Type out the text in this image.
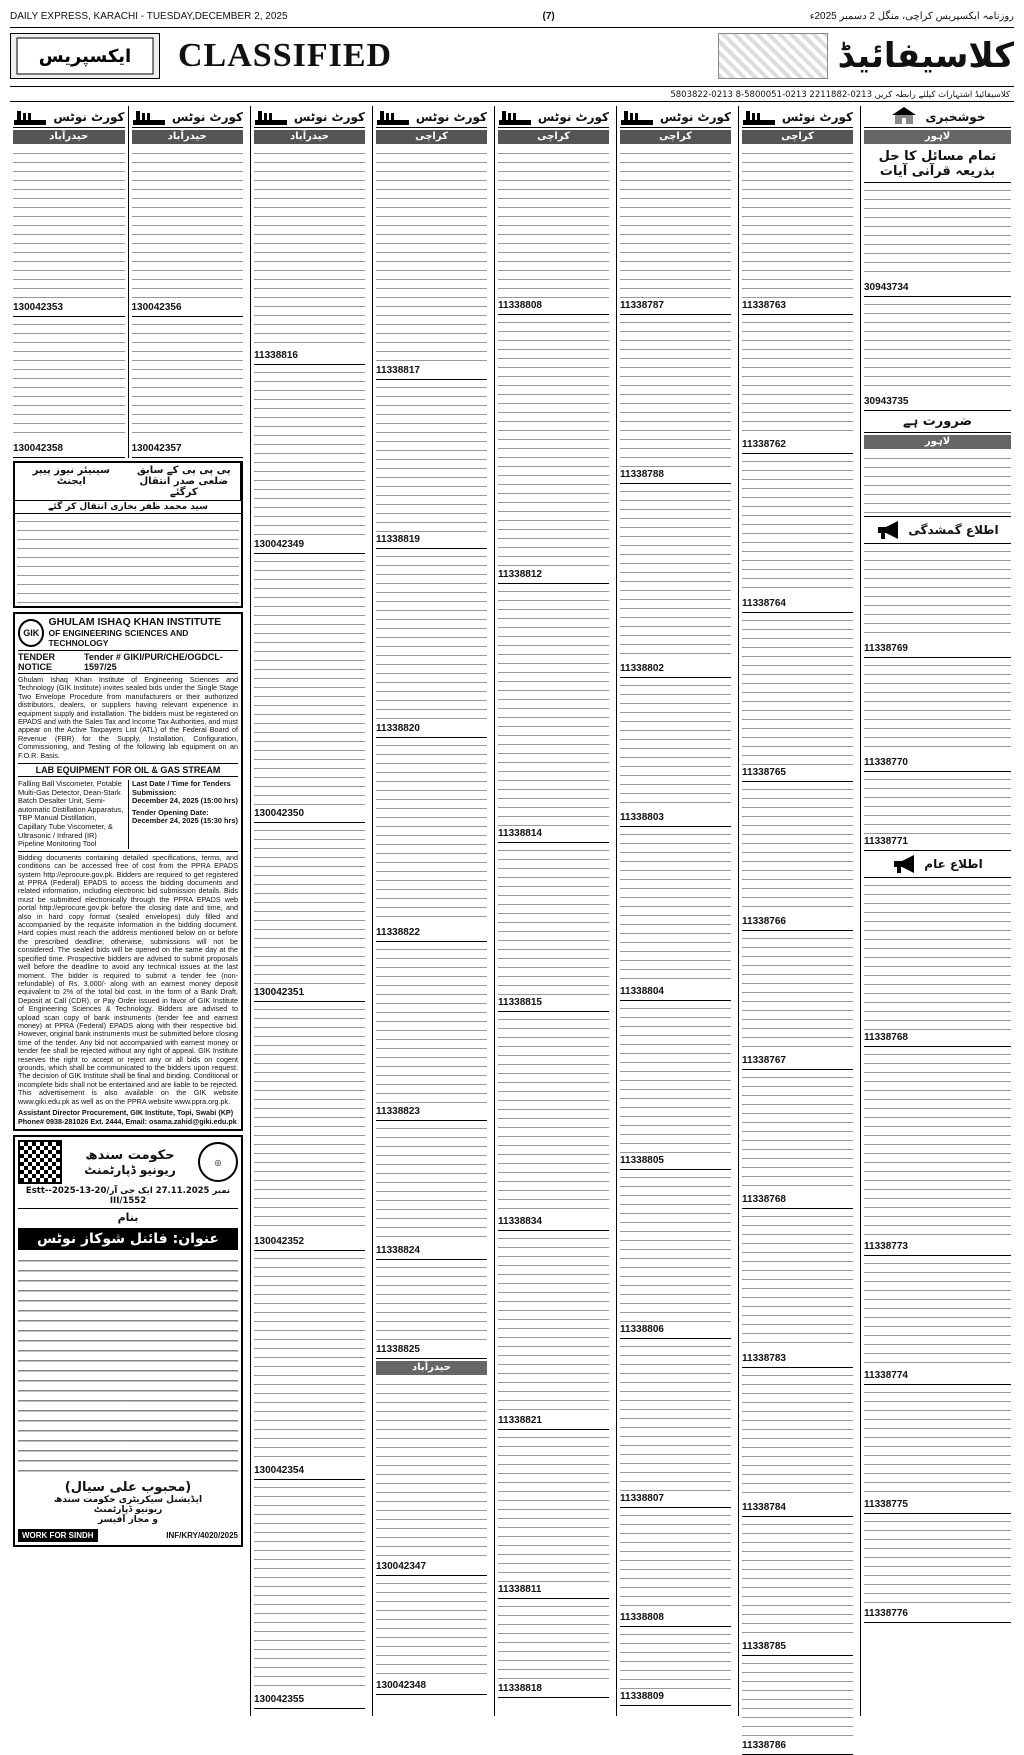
DAILY EXPRESS, KARACHI - TUESDAY,DECEMBER 2, 2025	(7)	روزنامہ ایکسپریس کراچی، منگل 2 دسمبر 2025ء
ایکسپریس CLASSIFIED	کلاسیفائیڈ
کلاسیفائیڈ اشتہارات کیلئے رابطہ کریں 0213-2211882 0213-5800051-8 0213-5803822
کورٹ نوٹس
حیدرآباد
130042353
130042358
کورٹ نوٹس
حیدرآباد
130042356
130042357
سینیئر نیوز پیپر ایجنٹ
پی پی پی کے سابق ضلعی صدر انتقال کرگئے
سید محمد ظفر بخاری انتقال کر گئے
GIK
GHULAM ISHAQ KHAN INSTITUTE
OF ENGINEERING SCIENCES AND TECHNOLOGY
TENDER NOTICE
Tender # GIKI/PUR/CHE/OGDCL-1597/25

Ghulam Ishaq Khan Institute of Engineering Sciences and Technology (GIK Institute) invites sealed bids under the Single Stage Two Envelope Procedure from manufacturers or their authorized distributors, dealers, or suppliers having relevant experience in equipment supply and installation. The bidders must be registered on EPADS and with the Sales Tax and Income Tax Authorities, and must appear on the Active Taxpayers List (ATL) of the Federal Board of Revenue (FBR) for the Supply, Installation, Configuration, Commissioning, and Testing of the following lab equipment on an F.O.R. Basis.

LAB EQUIPMENT FOR OIL & GAS STREAM
Falling Ball Viscometer, Potable Multi-Gas Detector, Dean-Stark Batch Desalter Unit, Semi-automatic Distillation Apparatus, TBP Manual Distillation, Capillary Tube Viscometer, & Ultrasonic / Infrared (IR) Pipeline Monitoring Tool
Last Date / Time for Tenders Submission:
December 24, 2025 (15:00 hrs)
Tender Opening Date:
December 24, 2025 (15:30 hrs)

Bidding documents containing detailed specifications, terms, and conditions can be accessed free of cost from the PPRA EPADS system http://eprocure.gov.pk. Bidders are required to get registered at PPRA (Federal) EPADS to access the bidding documents and related information, including electronic bid submission details. Bids must be submitted electronically through the PPRA EPADS web portal http://eprocure.gov.pk before the closing date and time, and also in hard copy format (sealed envelopes) duly filled and accompanied by the requisite information in the bidding document. Hard copies must reach the address mentioned below on or before the prescribed deadline; otherwise, submissions will not be considered. The sealed bids will be opened on the same day at the specified time. Prospective bidders are advised to submit proposals well before the deadline to avoid any technical issues at the last moment. The bidder is required to submit a tender fee (non-refundable) of Rs. 3,000/- along with an earnest money deposit equivalent to 2% of the total bid cost, in the form of a Bank Draft, Deposit at Call (CDR), or Pay Order issued in favor of GIK Institute of Engineering Sciences & Technology. Bidders are advised to upload scan copy of bank instruments (tender fee and earnest money) at PPRA (Federal) EPADS along with their respective bid. However, original bank instruments must be submitted before closing time of the tender. Any bid not accompanied with earnest money or tender fee shall be rejected without any right of appeal. GIK Institute reserves the right to accept or reject any or all bids on cogent grounds, which shall be communicated to the bidders upon request. The decision of GIK Institute shall be final and binding. Conditional or incomplete bids shall not be entertained and are liable to be rejected. This advertisement is also available on the GIK website www.giki.edu.pk as well as on the PPRA website www.ppra.org.pk.

Assistant Director Procurement, GIK Institute, Topi, Swabi (KP)
Phone# 0938-281026 Ext. 2444, Email: osama.zahid@giki.edu.pk
◎
حکومت سندھ
ریونیو ڈپارٹمنٹ
نمبر 27.11.2025 ایک جی آر/20-13-2025-Estt-III/1552
بنام
عنوان: فائنل شوکاز نوٹس
(محبوب علی سیال)
ایڈیشنل سیکریٹری حکومت سندھ
ریونیو ڈپارٹمنٹ
و مجاز آفیسر
WORK FOR SINDH	INF/KRY/4020/2025
کورٹ نوٹس
حیدرآباد
11338816
130042349
130042350
130042351
130042352
130042354
130042355
کورٹ نوٹس
کراچی
11338817
11338819
11338820
11338822
11338823
11338824
11338825
حیدرآباد
130042347
130042348
کورٹ نوٹس
کراچی
11338808
11338812
11338814
11338815
11338834
11338821
11338811
11338818
کورٹ نوٹس
کراچی
11338787
11338788
11338802
11338803
11338804
11338805
11338806
11338807
11338808
11338809
کورٹ نوٹس
کراچی
11338763
11338762
11338764
11338765
11338766
11338767
11338768
11338783
11338784
11338785
11338786
خوشخبری
لاہور
تمام مسائل کا حل بذریعہ قرآنی آیات
30943734
30943735
ضرورت ہے
لاہور
اطلاع گمشدگی
11338769
11338770
11338771
اطلاع عام
11338768
11338773
11338774
11338775
11338776
